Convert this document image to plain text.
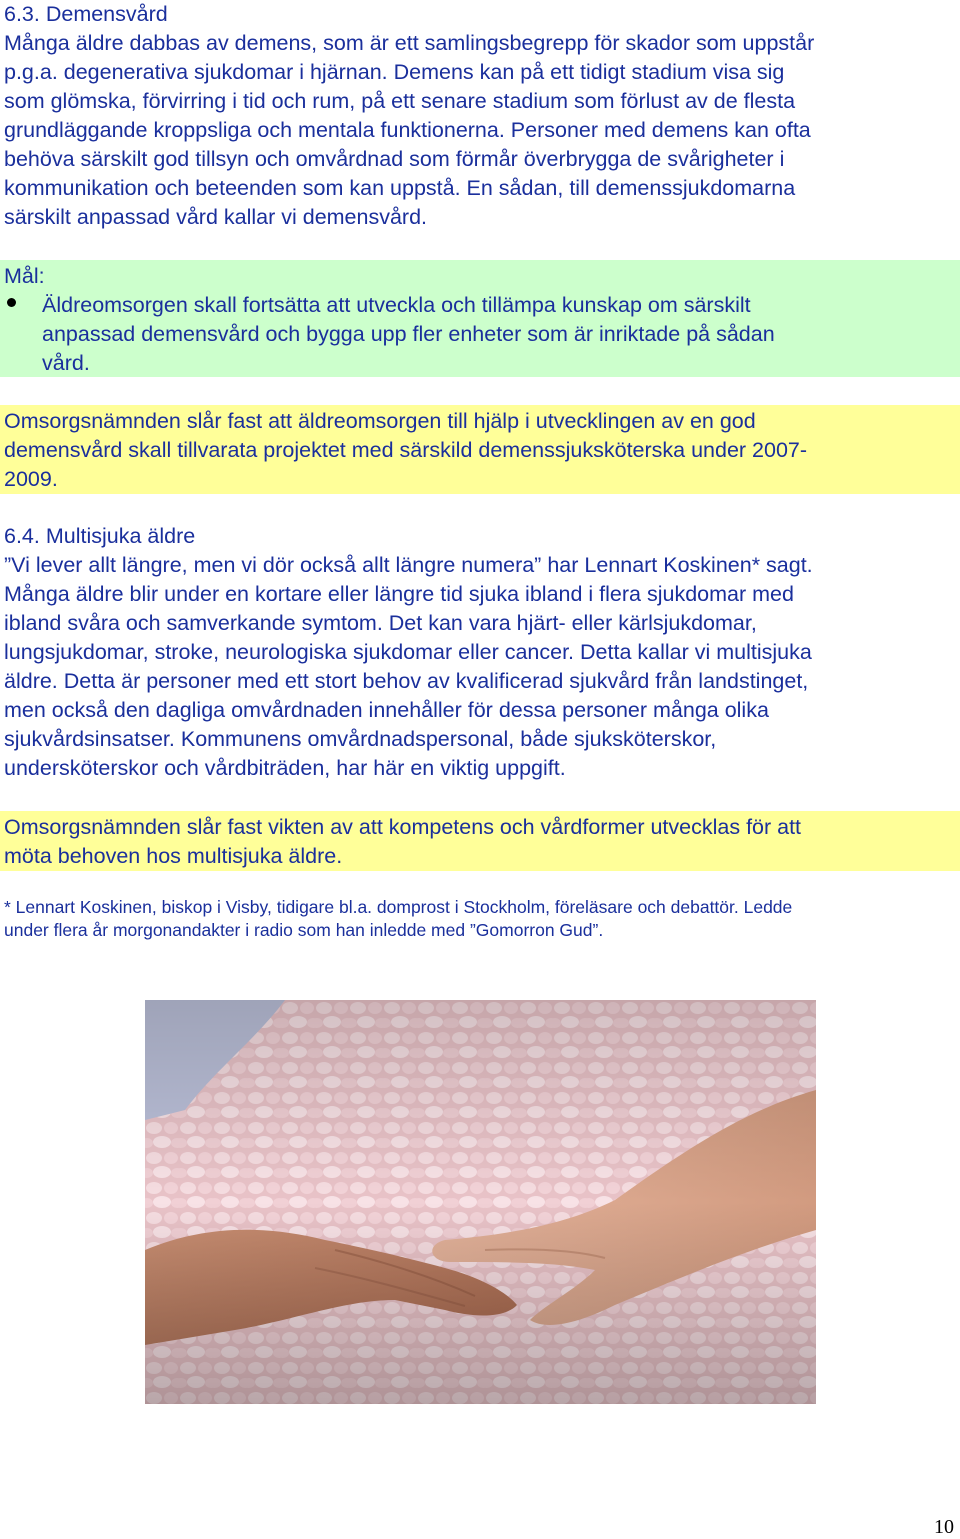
6.3. Demensvård
Många äldre dabbas av demens, som är ett samlingsbegrepp för skador som uppstår
p.g.a. degenerativa sjukdomar i hjärnan. Demens kan på ett tidigt stadium visa sig
som glömska, förvirring i tid och rum, på ett senare stadium som förlust av de flesta
grundläggande kroppsliga och mentala funktionerna. Personer med demens kan ofta
behöva särskilt god tillsyn och omvårdnad som förmår överbrygga de svårigheter i
kommunikation och beteenden som kan uppstå. En sådan, till demenssjukdomarna
särskilt anpassad vård kallar vi demensvård.
Mål:
Äldreomsorgen skall fortsätta att utveckla och tillämpa kunskap om särskilt
anpassad demensvård och bygga upp fler enheter som är inriktade på sådan
vård.
Omsorgsnämnden slår fast att äldreomsorgen till hjälp i utvecklingen av en god
demensvård skall tillvarata projektet med särskild demenssjuksköterska under 2007-
2009.
6.4. Multisjuka äldre
”Vi lever allt längre, men vi dör också allt längre numera” har Lennart Koskinen* sagt.
Många äldre blir under en kortare eller längre tid sjuka ibland i flera sjukdomar med
ibland svåra och samverkande symtom. Det kan vara hjärt- eller kärlsjukdomar,
lungsjukdomar, stroke, neurologiska sjukdomar eller cancer. Detta kallar vi multisjuka
äldre. Detta är personer med ett stort behov av kvalificerad sjukvård från landstinget,
men också den dagliga omvårdnaden innehåller för dessa personer många olika
sjukvårdsinsatser. Kommunens omvårdnadspersonal, både sjuksköterskor,
undersköterskor och vårdbiträden, har här en viktig uppgift.
Omsorgsnämnden slår fast vikten av att kompetens och vårdformer utvecklas för att
möta behoven hos multisjuka äldre.
* Lennart Koskinen, biskop i Visby, tidigare bl.a. domprost i Stockholm, föreläsare och debattör. Ledde
under flera år morgonandakter i radio som han inledde med ”Gomorron Gud”.
10
